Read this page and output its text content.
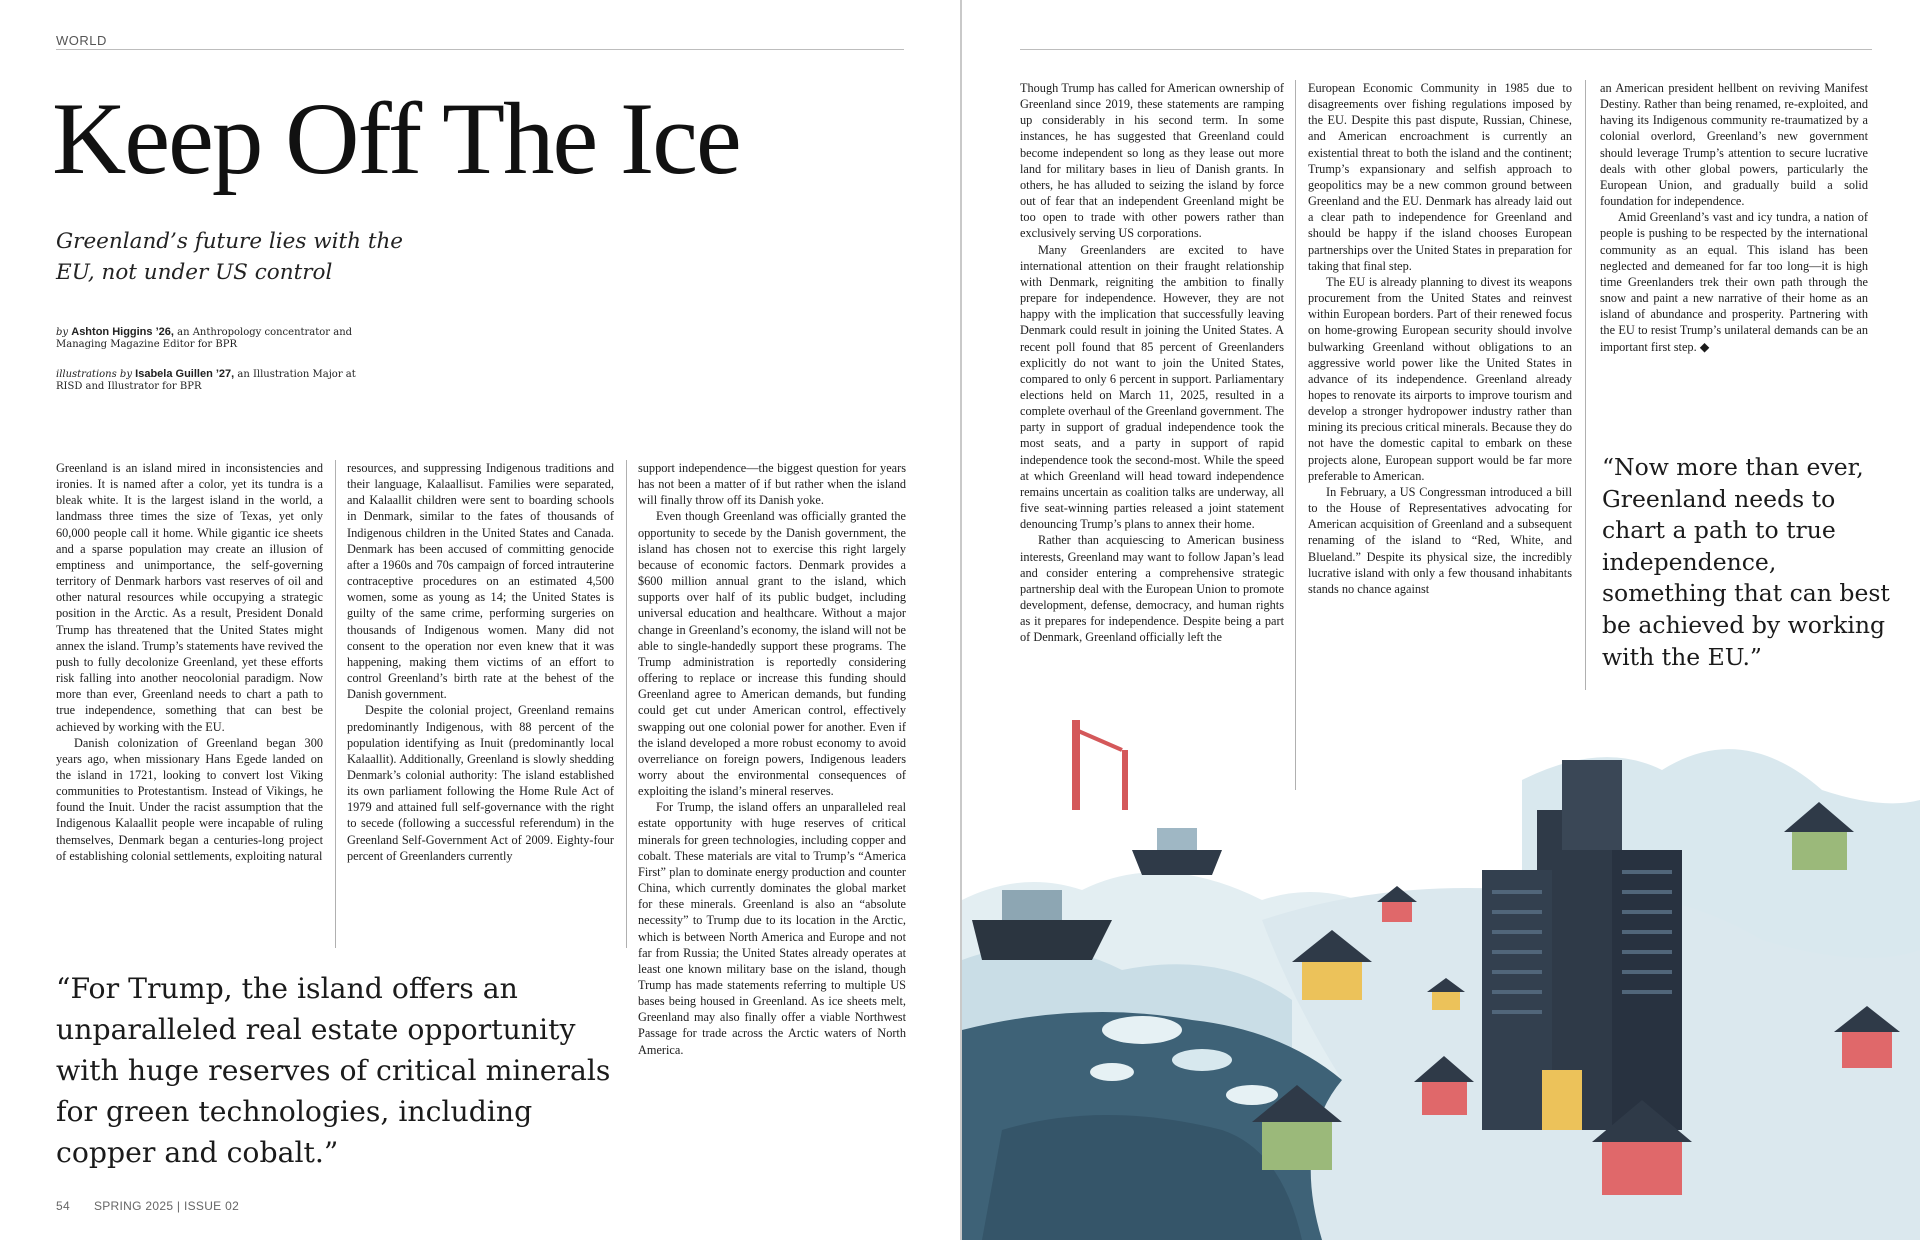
WORLD
Keep Off The Ice
Greenland’s future lies with the EU, not under US control
by Ashton Higgins ’26, an Anthropology concentrator and Managing Magazine Editor for BPR
illustrations by Isabela Guillen ’27, an Illustration Major at RISD and Illustrator for BPR

Greenland is an island mired in inconsistencies and ironies. It is named after a color, yet its tundra is a bleak white. It is the largest island in the world, a landmass three times the size of Texas, yet only 60,000 people call it home. While gigantic ice sheets and a sparse population may create an illusion of emptiness and unimportance, the self-governing territory of Denmark harbors vast reserves of oil and other natural resources while occupying a strategic position in the Arctic. As a result, President Donald Trump has threatened that the United States might annex the island. Trump’s statements have revived the push to fully decolonize Greenland, yet these efforts risk falling into another neocolonial paradigm. Now more than ever, Greenland needs to chart a path to true independence, something that can best be achieved by working with the EU.

Danish colonization of Greenland began 300 years ago, when missionary Hans Egede landed on the island in 1721, looking to convert lost Viking communities to Protestantism. Instead of Vikings, he found the Inuit. Under the racist assumption that the Indigenous Kalaallit people were incapable of ruling themselves, Denmark began a centuries-long project of establishing colonial settlements, exploiting natural

resources, and suppressing Indigenous traditions and their language, Kalaallisut. Families were separated, and Kalaallit children were sent to boarding schools in Denmark, similar to the fates of thousands of Indigenous children in the United States and Canada. Denmark has been accused of committing genocide after a 1960s and 70s campaign of forced intrauterine contraceptive procedures on an estimated 4,500 women, some as young as 14; the United States is guilty of the same crime, performing surgeries on thousands of Indigenous women. Many did not consent to the operation nor even knew that it was happening, making them victims of an effort to control Greenland’s birth rate at the behest of the Danish government.

Despite the colonial project, Greenland remains predominantly Indigenous, with 88 percent of the population identifying as Inuit (predominantly local Kalaallit). Additionally, Greenland is slowly shedding Denmark’s colonial authority: The island established its own parliament following the Home Rule Act of 1979 and attained full self-governance with the right to secede (following a successful referendum) in the Greenland Self-Government Act of 2009. Eighty-four percent of Greenlanders currently

support independence—the biggest question for years has not been a matter of if but rather when the island will finally throw off its Danish yoke.

Even though Greenland was officially granted the opportunity to secede by the Danish government, the island has chosen not to exercise this right largely because of economic factors. Denmark provides a $600 million annual grant to the island, which supports over half of its public budget, including universal education and healthcare. Without a major change in Greenland’s economy, the island will not be able to single-handedly support these programs. The Trump administration is reportedly considering offering to replace or increase this funding should Greenland agree to American demands, but funding could get cut under American control, effectively swapping out one colonial power for another. Even if the island developed a more robust economy to avoid overreliance on foreign powers, Indigenous leaders worry about the environmental consequences of exploiting the island’s mineral reserves.

For Trump, the island offers an unparalleled real estate opportunity with huge reserves of critical minerals for green technologies, including copper and cobalt. These materials are vital to Trump’s “America First” plan to dominate energy production and counter China, which currently dominates the global market for these minerals. Greenland is also an “absolute necessity” to Trump due to its location in the Arctic, which is between North America and Europe and not far from Russia; the United States already operates at least one known military base on the island, though Trump has made statements referring to multiple US bases being housed in Greenland. As ice sheets melt, Greenland may also finally offer a viable Northwest Passage for trade across the Arctic waters of North America.

“For Trump, the island offers an unparalleled real estate opportunity with huge reserves of critical minerals for green technologies, including copper and cobalt.”
54 SPRING 2025 | ISSUE 02

Though Trump has called for American ownership of Greenland since 2019, these statements are ramping up considerably in his second term. In some instances, he has suggested that Greenland could become independent so long as they lease out more land for military bases in lieu of Danish grants. In others, he has alluded to seizing the island by force out of fear that an independent Greenland might be too open to trade with other powers rather than exclusively serving US corporations.

Many Greenlanders are excited to have international attention on their fraught relationship with Denmark, reigniting the ambition to finally prepare for independence. However, they are not happy with the implication that successfully leaving Denmark could result in joining the United States. A recent poll found that 85 percent of Greenlanders explicitly do not want to join the United States, compared to only 6 percent in support. Parliamentary elections held on March 11, 2025, resulted in a complete overhaul of the Greenland government. The party in support of gradual independence took the most seats, and a party in support of rapid independence took the second-most. While the speed at which Greenland will head toward independence remains uncertain as coalition talks are underway, all five seat-winning parties released a joint statement denouncing Trump’s plans to annex their home.

Rather than acquiescing to American business interests, Greenland may want to follow Japan’s lead and consider entering a comprehensive strategic partnership deal with the European Union to promote development, defense, democracy, and human rights as it prepares for independence. Despite being a part of Denmark, Greenland officially left the

European Economic Community in 1985 due to disagreements over fishing regulations imposed by the EU. Despite this past dispute, Russian, Chinese, and American encroachment is currently an existential threat to both the island and the continent; Trump’s expansionary and selfish approach to geopolitics may be a new common ground between Greenland and the EU. Denmark has already laid out a clear path to independence for Greenland and should be happy if the island chooses European partnerships over the United States in preparation for taking that final step.

The EU is already planning to divest its weapons procurement from the United States and reinvest within European borders. Part of their renewed focus on home-growing European security should involve bulwarking Greenland without obligations to an aggressive world power like the United States in advance of its independence. Greenland already hopes to renovate its airports to improve tourism and develop a stronger hydropower industry rather than mining its precious critical minerals. Because they do not have the domestic capital to embark on these projects alone, European support would be far more preferable to American.

In February, a US Congressman introduced a bill to the House of Representatives advocating for American acquisition of Greenland and a subsequent renaming of the island to “Red, White, and Blueland.” Despite its physical size, the incredibly lucrative island with only a few thousand inhabitants stands no chance against

an American president hellbent on reviving Manifest Destiny. Rather than being renamed, re-exploited, and having its Indigenous community re-traumatized by a colonial overlord, Greenland’s new government should leverage Trump’s attention to secure lucrative deals with other global powers, particularly the European Union, and gradually build a solid foundation for independence.

Amid Greenland’s vast and icy tundra, a nation of people is pushing to be respected by the international community as an equal. This island has been neglected and demeaned for far too long—it is high time Greenlanders trek their own path through the snow and paint a new narrative of their home as an island of abundance and prosperity. Partnering with the EU to resist Trump’s unilateral demands can be an important first step. ◆

“Now more than ever, Greenland needs to chart a path to true independence, something that can best be achieved by working with the EU.”
